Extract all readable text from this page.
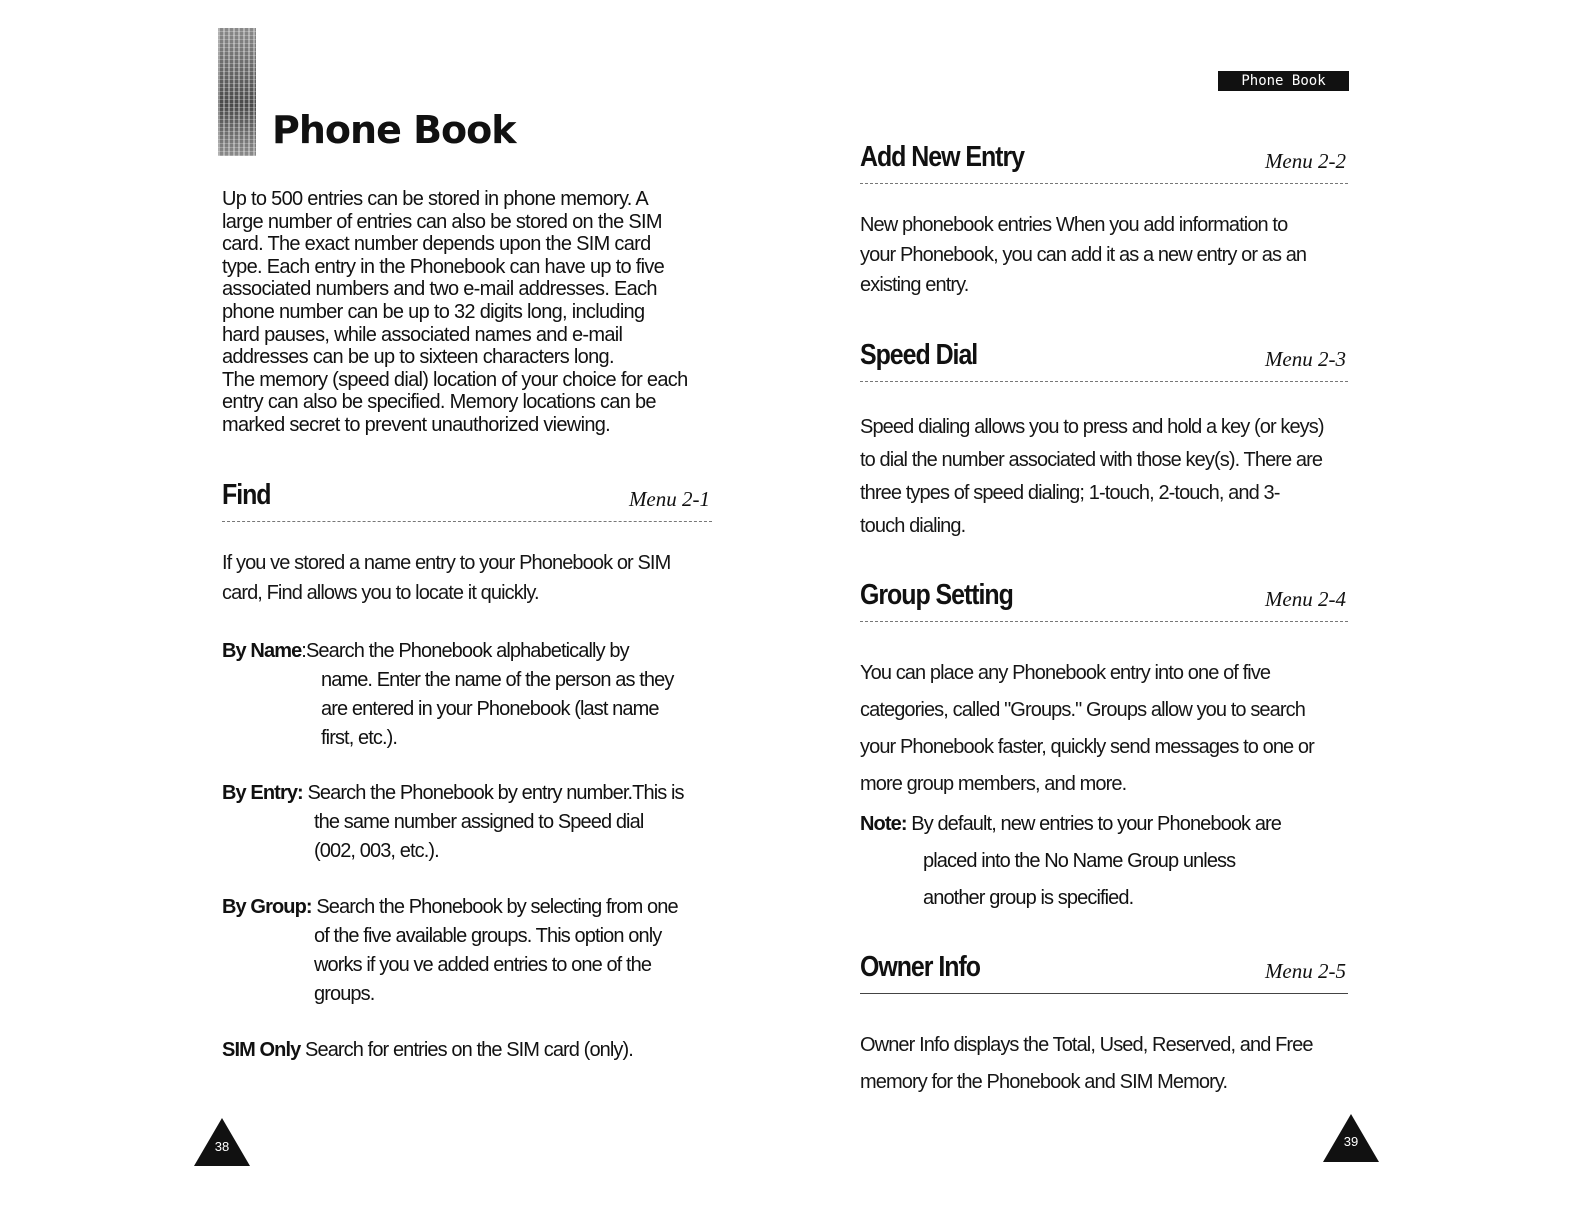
Phone Book
Up to 500 entries can be stored in phone memory. A
large number of entries can also be stored on the SIM
card. The exact number depends upon the SIM card
type. Each entry in the Phonebook can have up to five
associated numbers and two e-mail addresses. Each
phone number can be up to 32 digits long, including
hard pauses, while associated names and e-mail
addresses can be up to sixteen characters long.
The memory (speed dial) location of your choice for each
entry can also be specified. Memory locations can be
marked secret to prevent unauthorized viewing.
Find	Menu 2-1
If you ve stored a name entry to your Phonebook or SIM
card, Find allows you to locate it quickly.
By Name:Search the Phonebook alphabetically by
name. Enter the name of the person as they
are entered in your Phonebook (last name
first, etc.).
By Entry: Search the Phonebook by entry number.This is
the same number assigned to Speed dial
(002, 003, etc.).
By Group: Search the Phonebook by selecting from one
of the five available groups. This option only
works if you ve added entries to one of the
groups.
SIM Only Search for entries on the SIM card (only).
38
Phone Book
Add New Entry	Menu 2-2
New phonebook entries When you add information to
your Phonebook, you can add it as a new entry or as an
existing entry.
Speed Dial	Menu 2-3
Speed dialing allows you to press and hold a key (or keys)
to dial the number associated with those key(s). There are
three types of speed dialing; 1-touch, 2-touch, and 3-
touch dialing.
Group Setting	Menu 2-4
You can place any Phonebook entry into one of five
categories, called "Groups." Groups allow you to search
your Phonebook faster, quickly send messages to one or
more group members, and more.
Note: By default, new entries to your Phonebook are
placed into the No Name Group unless
another group is specified.
Owner Info	Menu 2-5
Owner Info displays the Total, Used, Reserved, and Free
memory for the Phonebook and SIM Memory.
39
